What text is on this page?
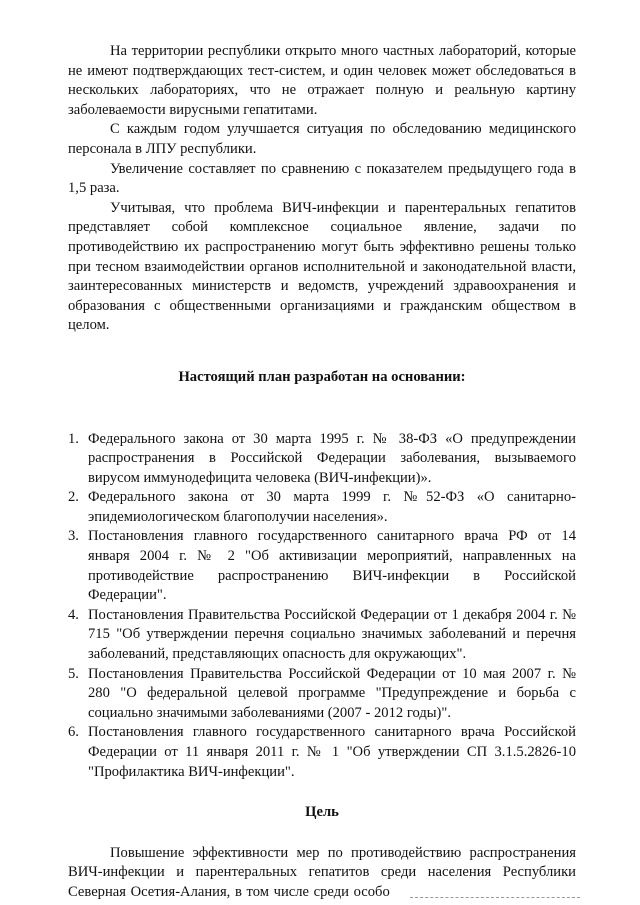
На территории республики открыто много частных лабораторий, которые не имеют подтверждающих тест-систем, и один человек может обследоваться в нескольких лабораториях, что не отражает полную и реальную картину заболеваемости вирусными гепатитами.

С каждым годом улучшается ситуация по обследованию медицинского персонала в ЛПУ республики.

Увеличение составляет по сравнению с показателем предыдущего года в 1,5 раза.

Учитывая, что проблема ВИЧ-инфекции и парентеральных гепатитов представляет собой комплексное социальное явление, задачи по противодействию их распространению могут быть эффективно решены только при тесном взаимодействии органов исполнительной и законодательной власти, заинтересованных министерств и ведомств, учреждений здравоохранения и образования с общественными организациями и гражданским обществом в целом.

Настоящий план разработан на основании:

1. Федерального закона от 30 марта 1995 г. № 38-ФЗ «О предупреждении распространения в Российской Федерации заболевания, вызываемого вирусом иммунодефицита человека (ВИЧ-инфекции)».
2. Федерального закона от 30 марта 1999 г. №52-ФЗ «О санитарно-эпидемиологическом благополучии населения».
3. Постановления главного государственного санитарного врача РФ от 14 января 2004 г. № 2 "Об активизации мероприятий, направленных на противодействие распространению ВИЧ-инфекции в Российской Федерации".
4. Постановления Правительства Российской Федерации от 1 декабря 2004 г. № 715 "Об утверждении перечня социально значимых заболеваний и перечня заболеваний, представляющих опасность для окружающих".
5. Постановления Правительства Российской Федерации от 10 мая 2007 г. № 280 "О федеральной целевой программе "Предупреждение и борьба с социально значимыми заболеваниями (2007 - 2012 годы)".
6. Постановления главного государственного санитарного врача Российской Федерации от 11 января 2011 г. № 1 "Об утверждении СП 3.1.5.2826-10 "Профилактика ВИЧ-инфекции".

Цель

Повышение эффективности мер по противодействию распространения ВИЧ-инфекции и парентеральных гепатитов среди населения Республики Северная Осетия-Алания, в том числе среди особо
